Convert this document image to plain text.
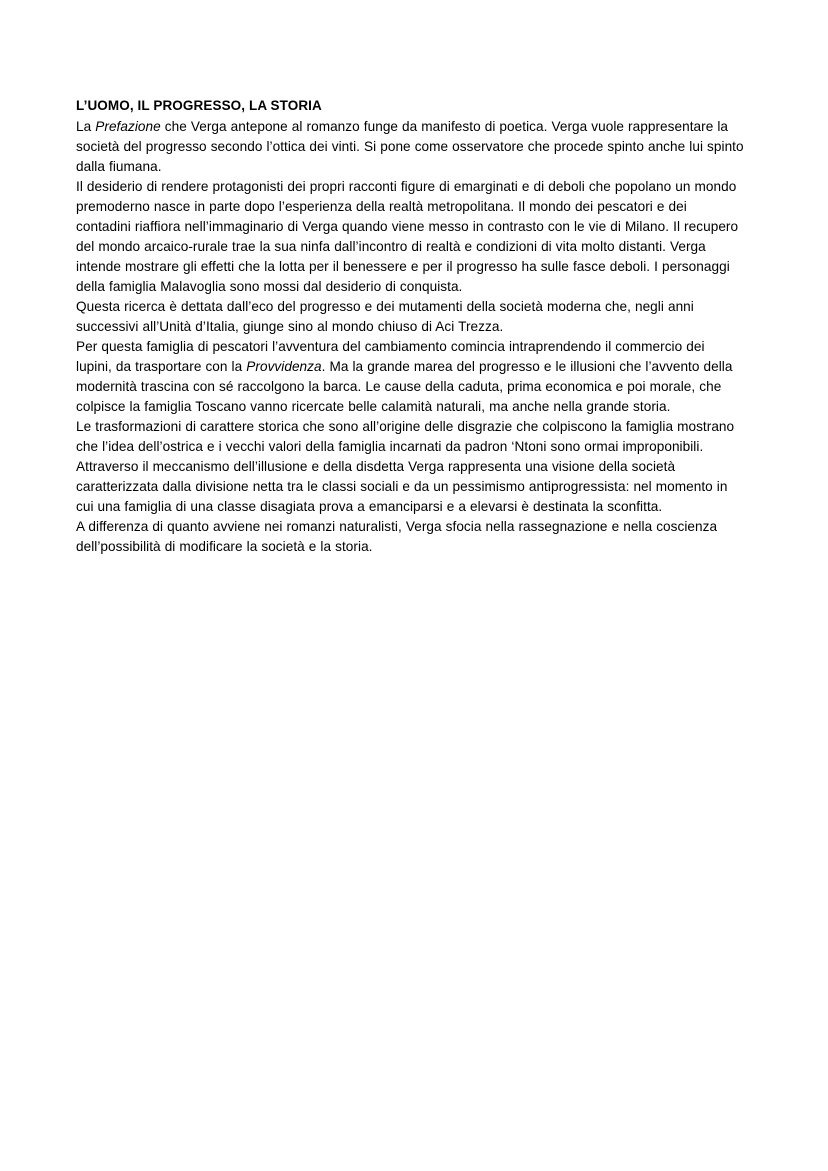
L’UOMO, IL PROGRESSO, LA STORIA

La Prefazione che Verga antepone al romanzo funge da manifesto di poetica. Verga vuole rappresentare la società del progresso secondo l’ottica dei vinti. Si pone come osservatore che procede spinto anche lui spinto dalla fiumana.

Il desiderio di rendere protagonisti dei propri racconti figure di emarginati e di deboli che popolano un mondo premoderno nasce in parte dopo l’esperienza della realtà metropolitana. Il mondo dei pescatori e dei contadini riaffiora nell’immaginario di Verga quando viene messo in contrasto con le vie di Milano. Il recupero del mondo arcaico-rurale trae la sua ninfa dall’incontro di realtà e condizioni di vita molto distanti. Verga intende mostrare gli effetti che la lotta per il benessere e per il progresso ha sulle fasce deboli. I personaggi della famiglia Malavoglia sono mossi dal desiderio di conquista.

Questa ricerca è dettata dall’eco del progresso e dei mutamenti della società moderna che, negli anni successivi all’Unità d’Italia, giunge sino al mondo chiuso di Aci Trezza.

Per questa famiglia di pescatori l’avventura del cambiamento comincia intraprendendo il commercio dei lupini, da trasportare con la Provvidenza. Ma la grande marea del progresso e le illusioni che l’avvento della modernità trascina con sé raccolgono la barca. Le cause della caduta, prima economica e poi morale, che colpisce la famiglia Toscano vanno ricercate belle calamità naturali, ma anche nella grande storia.

Le trasformazioni di carattere storica che sono all’origine delle disgrazie che colpiscono la famiglia mostrano che l’idea dell’ostrica e i vecchi valori della famiglia incarnati da padron ‘Ntoni sono ormai improponibili. Attraverso il meccanismo dell’illusione e della disdetta Verga rappresenta una visione della società caratterizzata dalla divisione netta tra le classi sociali e da un pessimismo antiprogressista: nel momento in cui una famiglia di una classe disagiata prova a emanciparsi e a elevarsi è destinata la sconfitta.

A differenza di quanto avviene nei romanzi naturalisti, Verga sfocia nella rassegnazione e nella coscienza dell’possibilità di modificare la società e la storia.
